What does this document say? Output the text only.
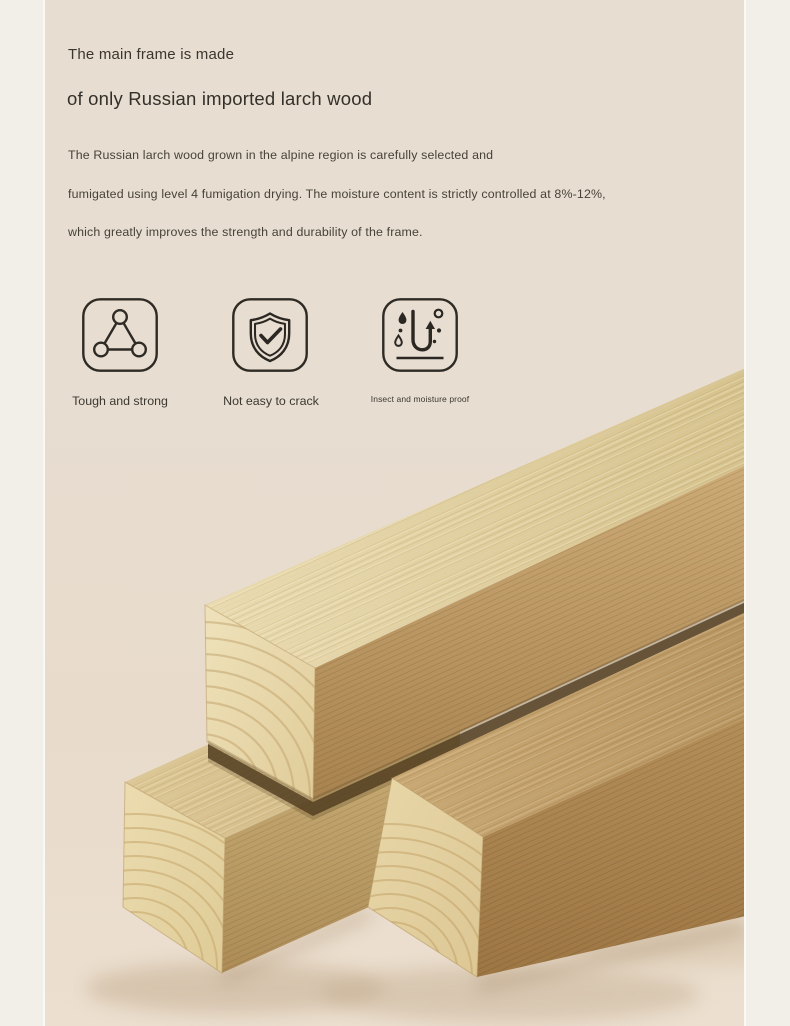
The main frame is made
of only Russian imported larch wood
The Russian larch wood grown in the alpine region is carefully selected and
fumigated using level 4 fumigation drying. The moisture content is strictly controlled at 8%-12%,
which greatly improves the strength and durability of the frame.
Tough and strong	Not easy to crack	Insect and moisture proof
